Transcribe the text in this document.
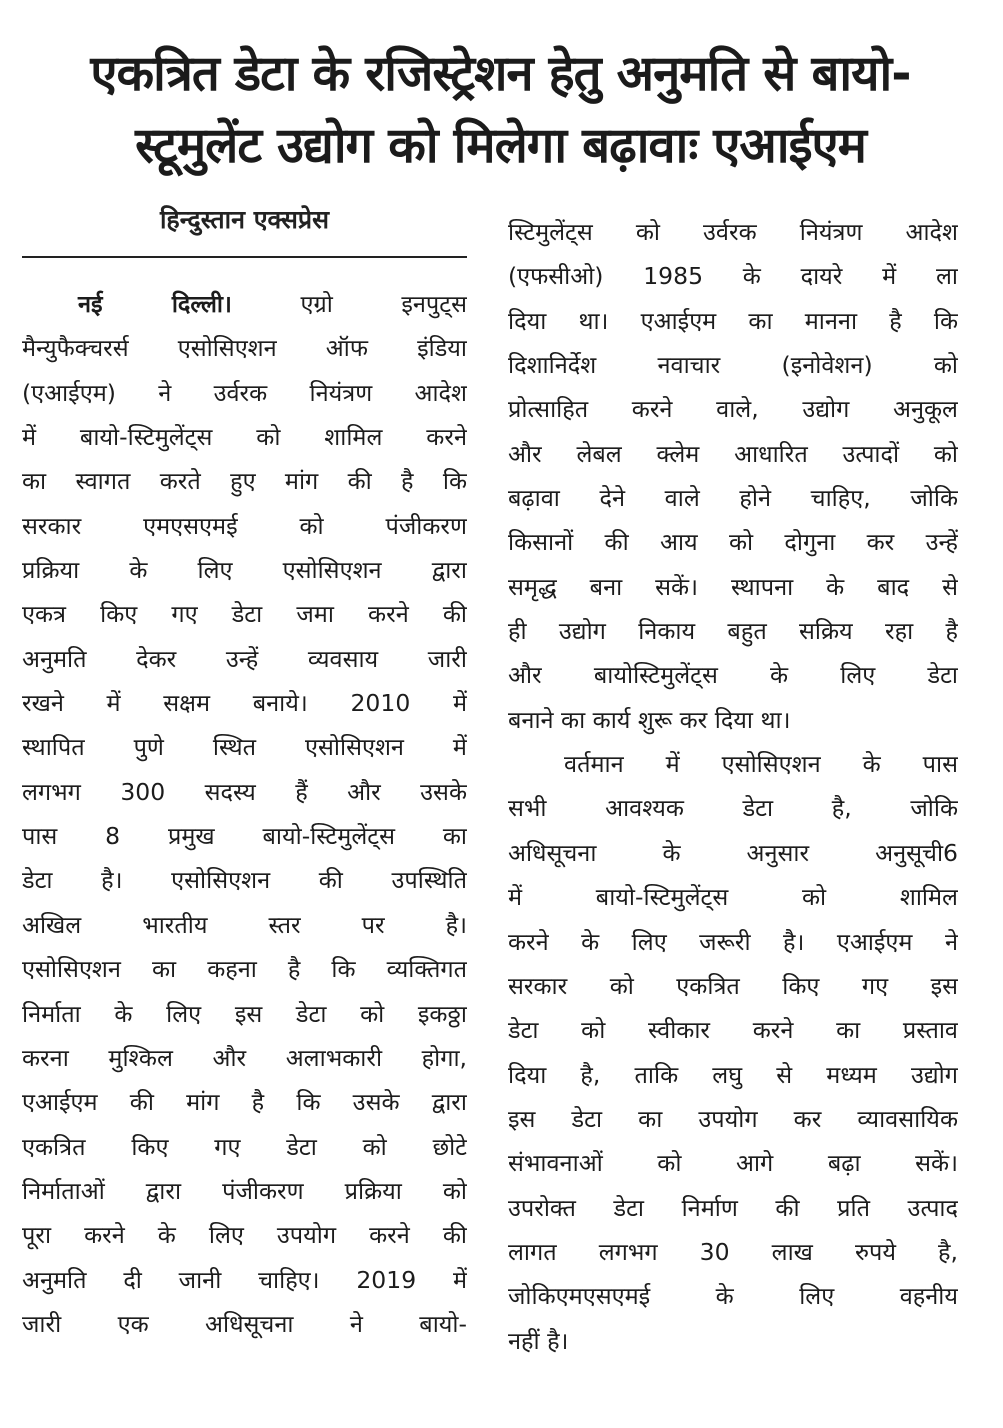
एकत्रित डेटा के रजिस्ट्रेशन हेतु अनुमति से बायो-
स्टूमुलेंट उद्योग को मिलेगा बढ़ावाः एआईएम
हिन्दुस्तान एक्सप्रेस
नई दिल्ली।	एग्रो इनपुट्स
मैन्युफैक्चरर्स एसोसिएशन ऑफ इंडिया
(एआईएम) ने उर्वरक नियंत्रण आदेश
में बायो-स्टिमुलेंट्स को शामिल करने
का स्वागत करते हुए मांग की है कि
सरकार एमएसएमई को पंजीकरण
प्रक्रिया के लिए एसोसिएशन द्वारा
एकत्र किए गए डेटा जमा करने की
अनुमति देकर उन्हें व्यवसाय जारी
रखने में सक्षम बनाये। 2010 में
स्थापित पुणे स्थित एसोसिएशन में
लगभग 300 सदस्य हैं और उसके
पास 8 प्रमुख बायो-स्टिमुलेंट्स का
डेटा है। एसोसिएशन की उपस्थिति
अखिल भारतीय स्तर पर है।
एसोसिएशन का कहना है कि व्यक्तिगत
निर्माता के लिए इस डेटा को इकठ्ठा
करना मुश्किल और अलाभकारी होगा,
एआईएम की मांग है कि उसके द्वारा
एकत्रित किए गए डेटा को छोटे
निर्माताओं द्वारा पंजीकरण प्रक्रिया को
पूरा करने के लिए उपयोग करने की
अनुमति दी जानी चाहिए। 2019 में
जारी एक अधिसूचना ने बायो-
स्टिमुलेंट्स को उर्वरक नियंत्रण आदेश
(एफसीओ) 1985 के दायरे में ला
दिया था। एआईएम का मानना है कि
दिशानिर्देश नवाचार (इनोवेशन) को
प्रोत्साहित करने वाले, उद्योग अनुकूल
और लेबल क्लेम आधारित उत्पादों को
बढ़ावा देने वाले होने चाहिए, जोकि
किसानों की आय को दोगुना कर उन्हें
समृद्ध बना सकें। स्थापना के बाद से
ही उद्योग निकाय बहुत सक्रिय रहा है
और बायोस्टिमुलेंट्स के लिए डेटा
बनाने का कार्य शुरू कर दिया था।
वर्तमान में एसोसिएशन के पास
सभी आवश्यक डेटा है, जोकि
अधिसूचना के अनुसार अनुसूची6
में बायो-स्टिमुलेंट्स को शामिल
करने के लिए जरूरी है। एआईएम ने
सरकार को एकत्रित किए गए इस
डेटा को स्वीकार करने का प्रस्ताव
दिया है, ताकि लघु से मध्यम उद्योग
इस डेटा का उपयोग कर व्यावसायिक
संभावनाओं को आगे बढ़ा सकें।
उपरोक्त डेटा निर्माण की प्रति उत्पाद
लागत लगभग 30 लाख रुपये है,
जोकिएमएसएमई के लिए वहनीय
नहीं है।
